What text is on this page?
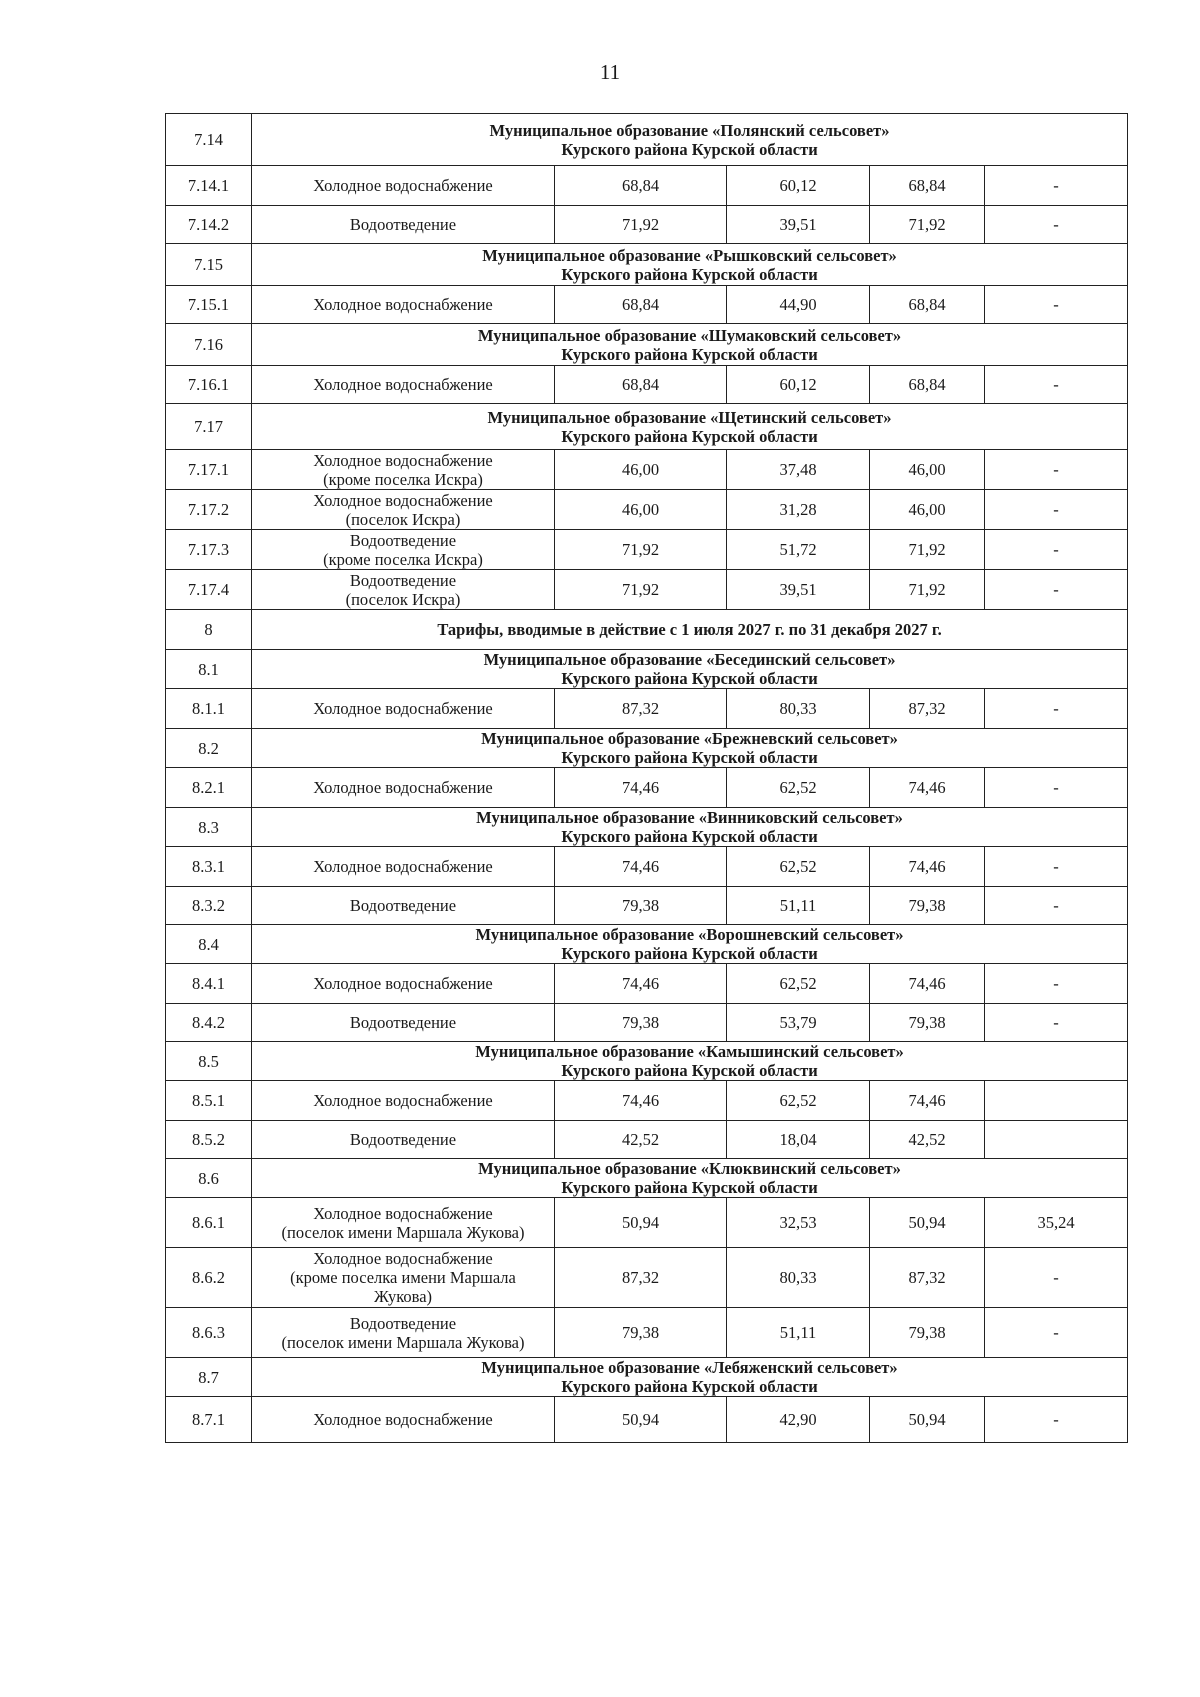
11
7.14	Муниципальное образование «Полянский сельсовет»
Курского района Курской области				

7.14.1	Холодное водоснабжение	68,84	60,12	68,84	-
7.14.2	Водоотведение	71,92	39,51	71,92	-
7.15	Муниципальное образование «Рышковский сельсовет»
Курского района Курской области				

7.15.1	Холодное водоснабжение	68,84	44,90	68,84	-
7.16	Муниципальное образование «Шумаковский сельсовет»
Курского района Курской области				

7.16.1	Холодное водоснабжение	68,84	60,12	68,84	-
7.17	Муниципальное образование «Щетинский сельсовет»
Курского района Курской области				

7.17.1	Холодное водоснабжение
(кроме поселка Искра)	46,00	37,48	46,00	-
7.17.2	Холодное водоснабжение
(поселок Искра)	46,00	31,28	46,00	-
7.17.3	Водоотведение
(кроме поселка Искра)	71,92	51,72	71,92	-
7.17.4	Водоотведение
(поселок Искра)	71,92	39,51	71,92	-
8	Тарифы, вводимые в действие с 1 июля 2027 г. по 31 декабря 2027 г.				
8.1	Муниципальное образование «Бесединский сельсовет»
Курского района Курской области				

8.1.1	Холодное водоснабжение	87,32	80,33	87,32	-
8.2	Муниципальное образование «Брежневский сельсовет»
Курского района Курской области				

8.2.1	Холодное водоснабжение	74,46	62,52	74,46	-
8.3	Муниципальное образование «Винниковский сельсовет»
Курского района Курской области				

8.3.1	Холодное водоснабжение	74,46	62,52	74,46	-
8.3.2	Водоотведение	79,38	51,11	79,38	-
8.4	Муниципальное образование «Ворошневский сельсовет»
Курского района Курской области				

8.4.1	Холодное водоснабжение	74,46	62,52	74,46	-
8.4.2	Водоотведение	79,38	53,79	79,38	-
8.5	Муниципальное образование «Камышинский сельсовет»
Курского района Курской области				

8.5.1	Холодное водоснабжение	74,46	62,52	74,46	
8.5.2	Водоотведение	42,52	18,04	42,52	
8.6	Муниципальное образование «Клюквинский сельсовет»
Курского района Курской области				

8.6.1	Холодное водоснабжение
(поселок имени Маршала Жукова)	50,94	32,53	50,94	35,24
8.6.2	Холодное водоснабжение
(кроме поселка имени Маршала
Жукова)	87,32	80,33	87,32	-
8.6.3	Водоотведение
(поселок имени Маршала Жукова)	79,38	51,11	79,38	-
8.7	Муниципальное образование «Лебяженский сельсовет»
Курского района Курской области				

8.7.1	Холодное водоснабжение	50,94	42,90	50,94	-
